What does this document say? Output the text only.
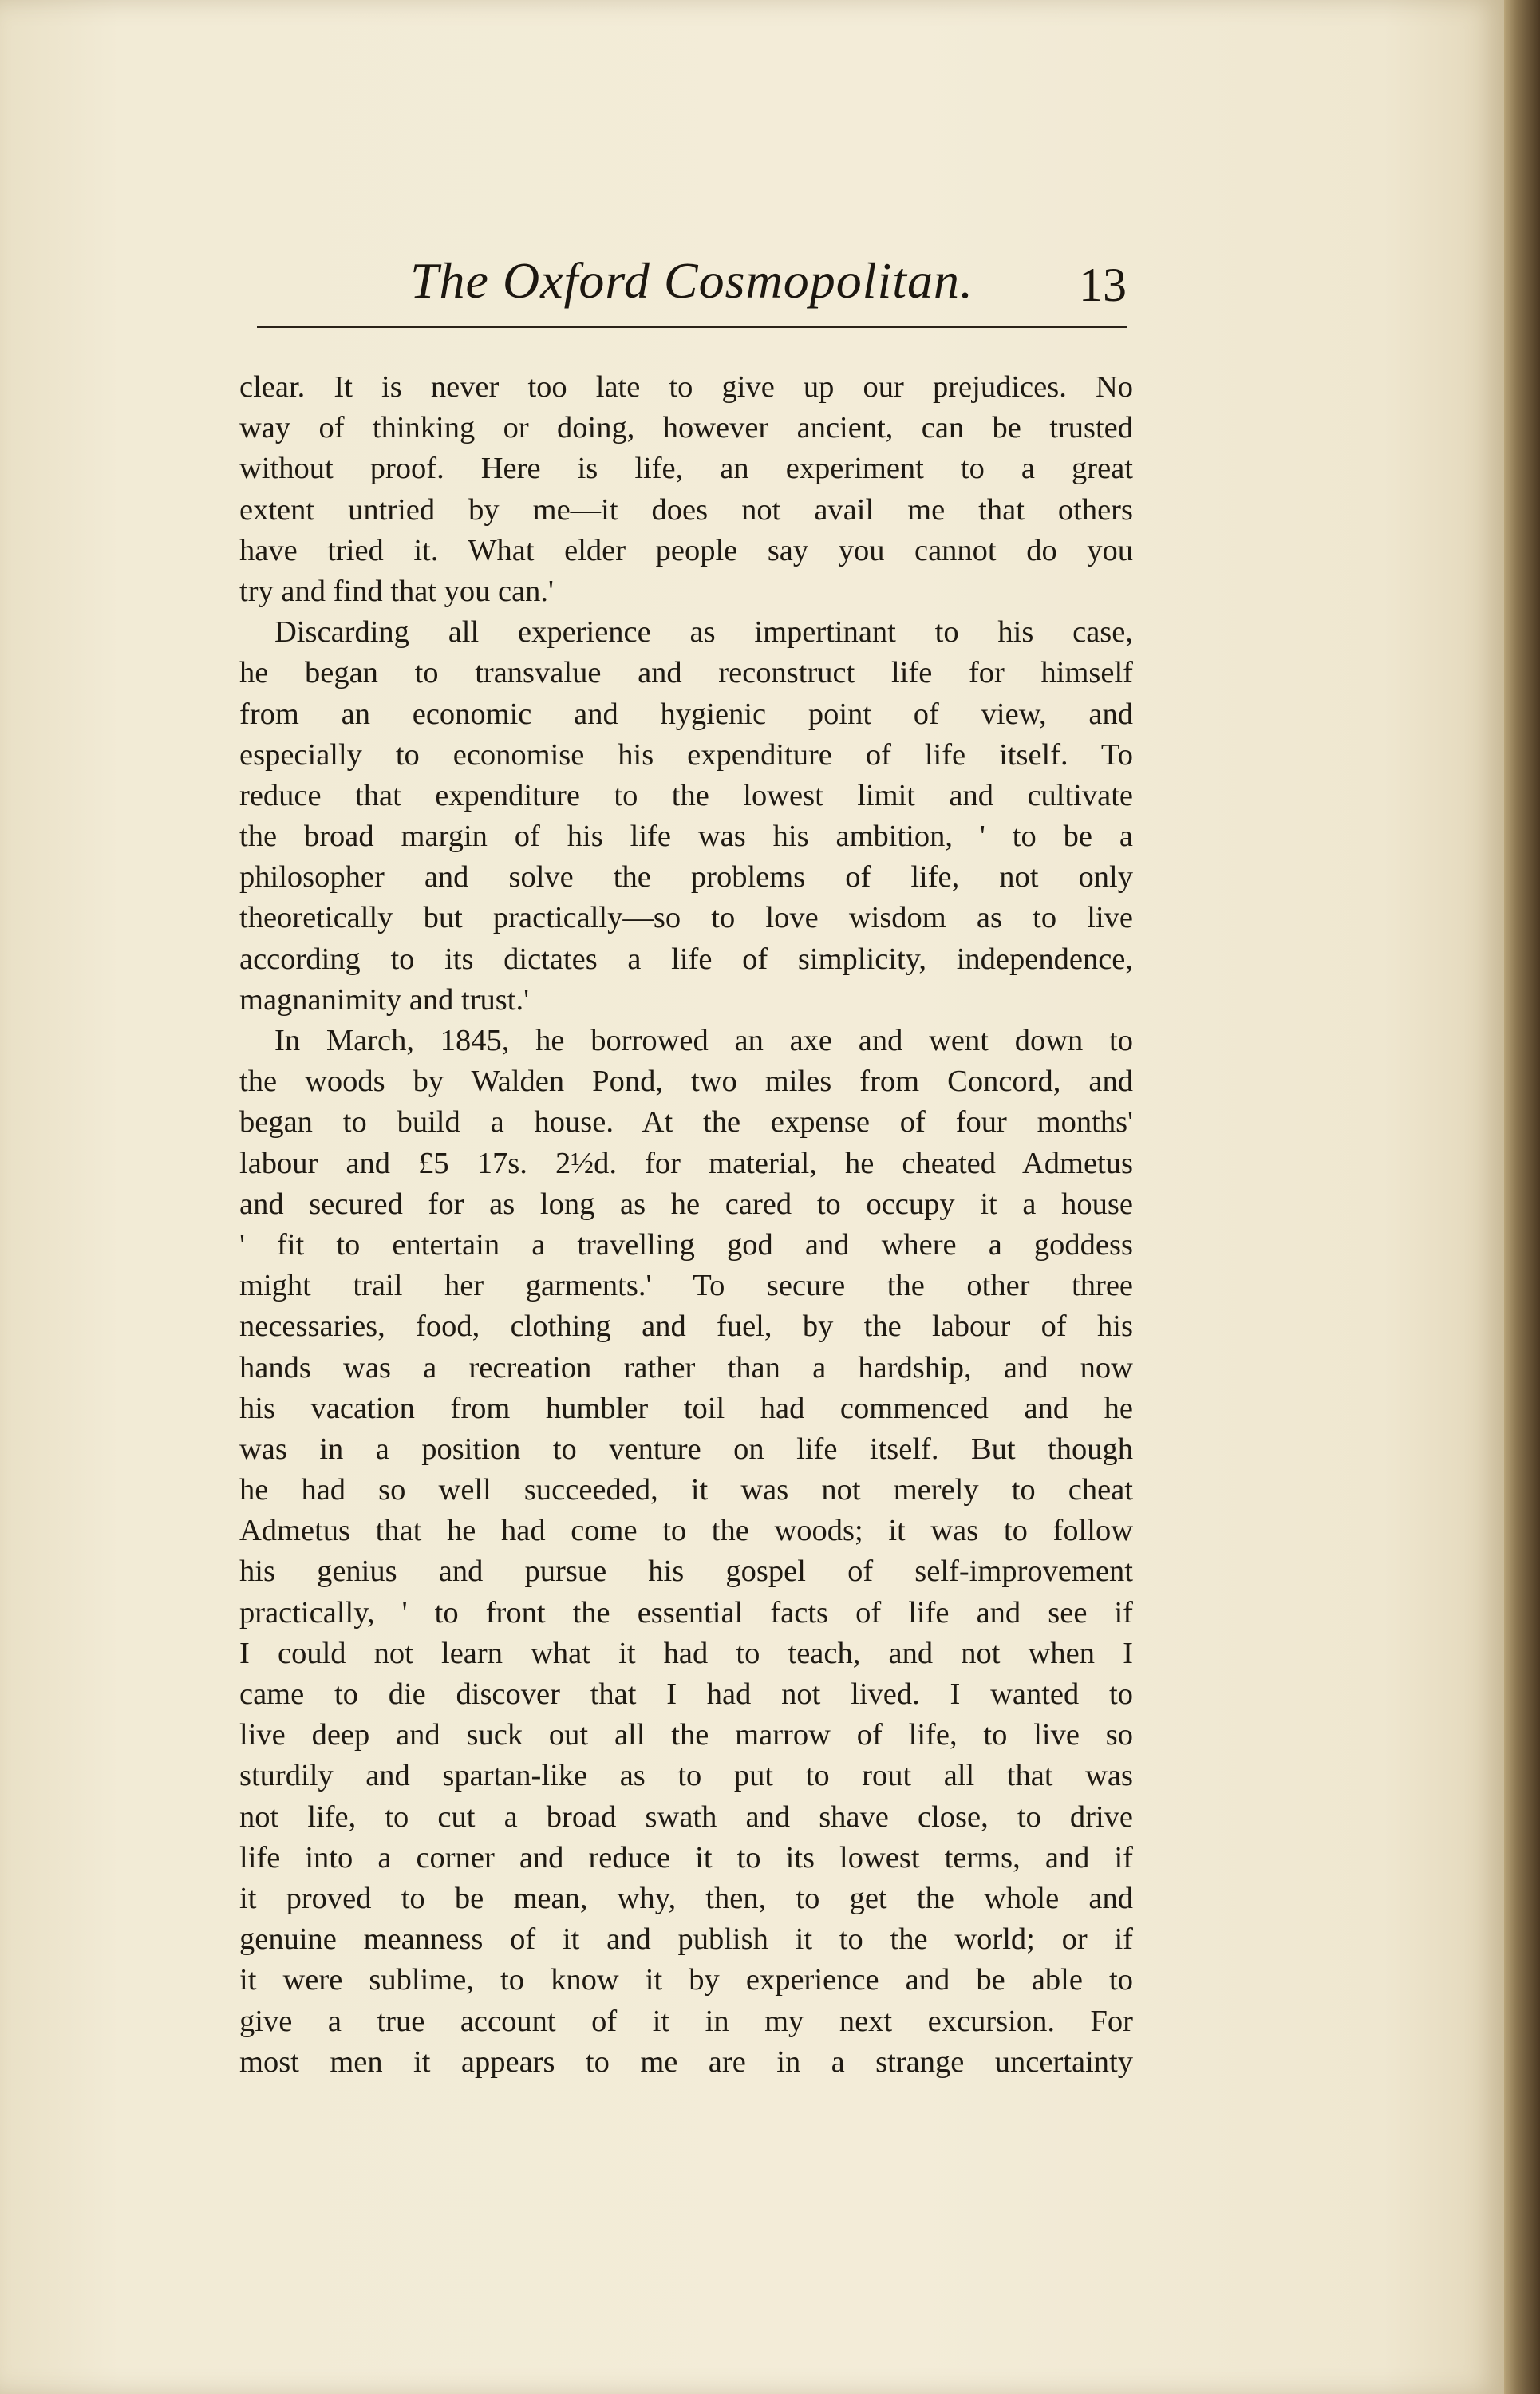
The Oxford Cosmopolitan.	13
clear. It is never too late to give up our prejudices. No
way of thinking or doing, however ancient, can be trusted
without proof. Here is life, an experiment to a great
extent untried by me—it does not avail me that others
have tried it. What elder people say you cannot do you
try and find that you can.'
Discarding all experience as impertinant to his case,
he began to transvalue and reconstruct life for himself
from an economic and hygienic point of view, and
especially to economise his expenditure of life itself. To
reduce that expenditure to the lowest limit and cultivate
the broad margin of his life was his ambition, ' to be a
philosopher and solve the problems of life, not only
theoretically but practically—so to love wisdom as to live
according to its dictates a life of simplicity, independence,
magnanimity and trust.'
In March, 1845, he borrowed an axe and went down to
the woods by Walden Pond, two miles from Concord, and
began to build a house. At the expense of four months'
labour and £5 17s. 2½d. for material, he cheated Admetus
and secured for as long as he cared to occupy it a house
' fit to entertain a travelling god and where a goddess
might trail her garments.' To secure the other three
necessaries, food, clothing and fuel, by the labour of his
hands was a recreation rather than a hardship, and now
his vacation from humbler toil had commenced and he
was in a position to venture on life itself. But though
he had so well succeeded, it was not merely to cheat
Admetus that he had come to the woods; it was to follow
his genius and pursue his gospel of self-improvement
practically, ' to front the essential facts of life and see if
I could not learn what it had to teach, and not when I
came to die discover that I had not lived. I wanted to
live deep and suck out all the marrow of life, to live so
sturdily and spartan-like as to put to rout all that was
not life, to cut a broad swath and shave close, to drive
life into a corner and reduce it to its lowest terms, and if
it proved to be mean, why, then, to get the whole and
genuine meanness of it and publish it to the world; or if
it were sublime, to know it by experience and be able to
give a true account of it in my next excursion. For
most men it appears to me are in a strange uncertainty
